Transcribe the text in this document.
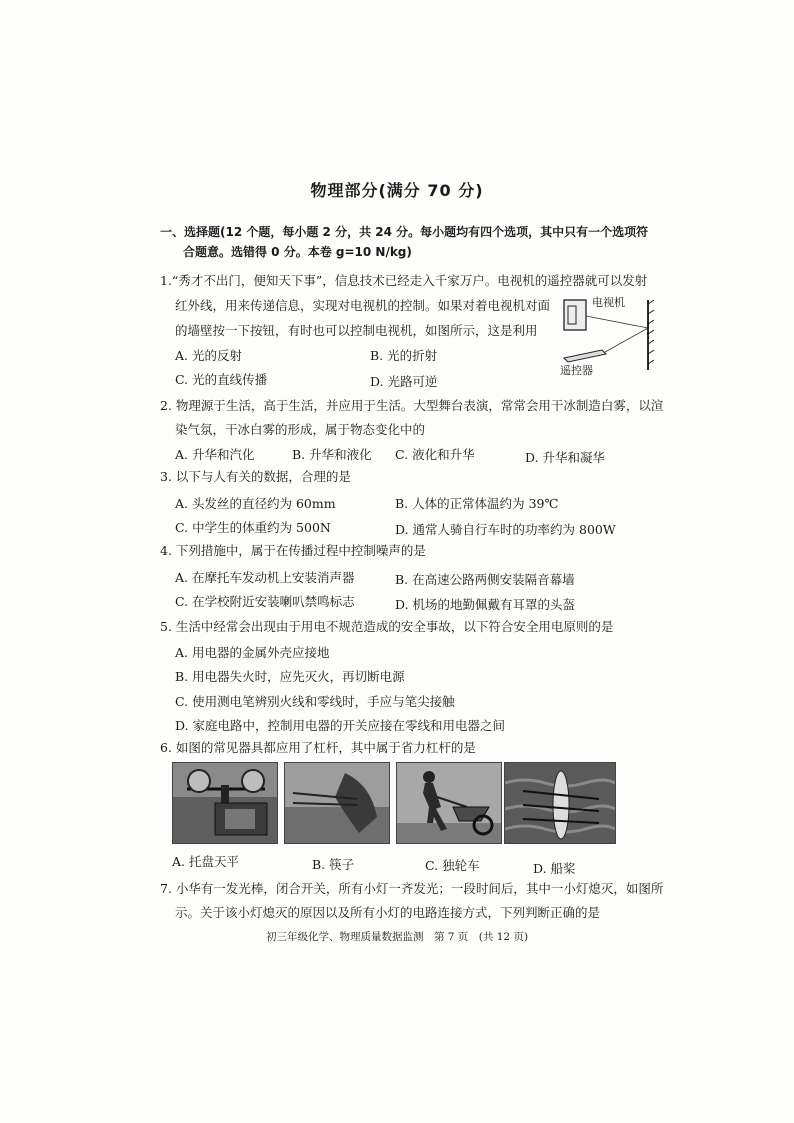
物理部分(满分 70 分)
一、选择题(12 个题，每小题 2 分，共 24 分。每小题均有四个选项，其中只有一个选项符
合题意。选错得 0 分。本卷 g=10 N/kg)
1.“秀才不出门，便知天下事”，信息技术已经走入千家万户。电视机的遥控器就可以发射
红外线，用来传递信息，实现对电视机的控制。如果对着电视机对面
的墙壁按一下按钮，有时也可以控制电视机，如图所示，这是利用
A. 光的反射	B. 光的折射
C. 光的直线传播	D. 光路可逆
电视机
遥控器
2. 物理源于生活，高于生活，并应用于生活。大型舞台表演，常常会用干冰制造白雾，以渲
染气氛，干冰白雾的形成，属于物态变化中的
A. 升华和汽化	B. 升华和液化 C. 液化和升华	D. 升华和凝华
3. 以下与人有关的数据，合理的是
A. 头发丝的直径约为 60mm	B. 人体的正常体温约为 39℃
C. 中学生的体重约为 500N	D. 通常人骑自行车时的功率约为 800W
4. 下列措施中，属于在传播过程中控制噪声的是
A. 在摩托车发动机上安装消声器	B. 在高速公路两侧安装隔音幕墙
C. 在学校附近安装喇叭禁鸣标志	D. 机场的地勤佩戴有耳罩的头盔
5. 生活中经常会出现由于用电不规范造成的安全事故，以下符合安全用电原则的是
A. 用电器的金属外壳应接地
B. 用电器失火时，应先灭火，再切断电源
C. 使用测电笔辨别火线和零线时，手应与笔尖接触
D. 家庭电路中，控制用电器的开关应接在零线和用电器之间
6. 如图的常见器具都应用了杠杆，其中属于省力杠杆的是
A. 托盘天平	B. 筷子	C. 独轮车	D. 船桨
7. 小华有一发光棒，闭合开关，所有小灯一齐发光；一段时间后，其中一小灯熄灭，如图所
示。关于该小灯熄灭的原因以及所有小灯的电路连接方式，下列判断正确的是
初三年级化学、物理质量数据监测　第 7 页　(共 12 页)
